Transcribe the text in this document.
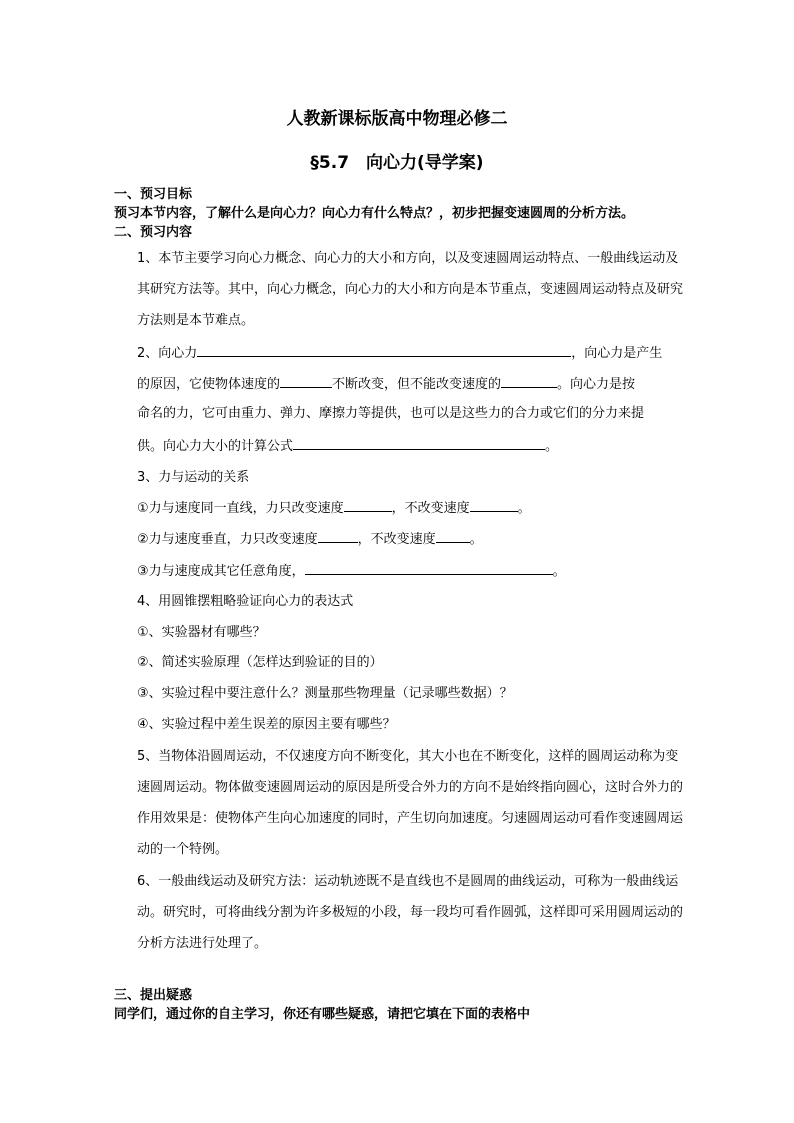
人教新课标版高中物理必修二
§5.7　向心力(导学案)
一、预习目标
预习本节内容，了解什么是向心力？向心力有什么特点？，初步把握变速圆周的分析方法。
二、预习内容
1、本节主要学习向心力概念、向心力的大小和方向，以及变速圆周运动特点、一般曲线运动及其研究方法等。其中，向心力概念，向心力的大小和方向是本节重点，变速圆周运动特点及研究方法则是本节难点。
2、向心力	，向心力是产生
的原因，它使物体速度的	不断改变，但不能改变速度的	。向心力是按
命名的力，它可由重力、弹力、摩擦力等提供，也可以是这些力的合力或它们的分力来提
供。向心力大小的计算公式	。
3、力与运动的关系
①力与速度同一直线，力只改变速度	，不改变速度	。
②力与速度垂直，力只改变速度	，不改变速度	。
③力与速度成其它任意角度，	。
4、用圆锥摆粗略验证向心力的表达式
①、实验器材有哪些？
②、简述实验原理（怎样达到验证的目的）
③、实验过程中要注意什么？测量那些物理量（记录哪些数据）？
④、实验过程中差生误差的原因主要有哪些？
5、当物体沿圆周运动，不仅速度方向不断变化，其大小也在不断变化，这样的圆周运动称为变速圆周运动。物体做变速圆周运动的原因是所受合外力的方向不是始终指向圆心，这时合外力的作用效果是：使物体产生向心加速度的同时，产生切向加速度。匀速圆周运动可看作变速圆周运动的一个特例。
6、一般曲线运动及研究方法：运动轨迹既不是直线也不是圆周的曲线运动，可称为一般曲线运动。研究时，可将曲线分割为许多极短的小段，每一段均可看作圆弧，这样即可采用圆周运动的分析方法进行处理了。
三、提出疑惑
同学们，通过你的自主学习，你还有哪些疑惑，请把它填在下面的表格中
